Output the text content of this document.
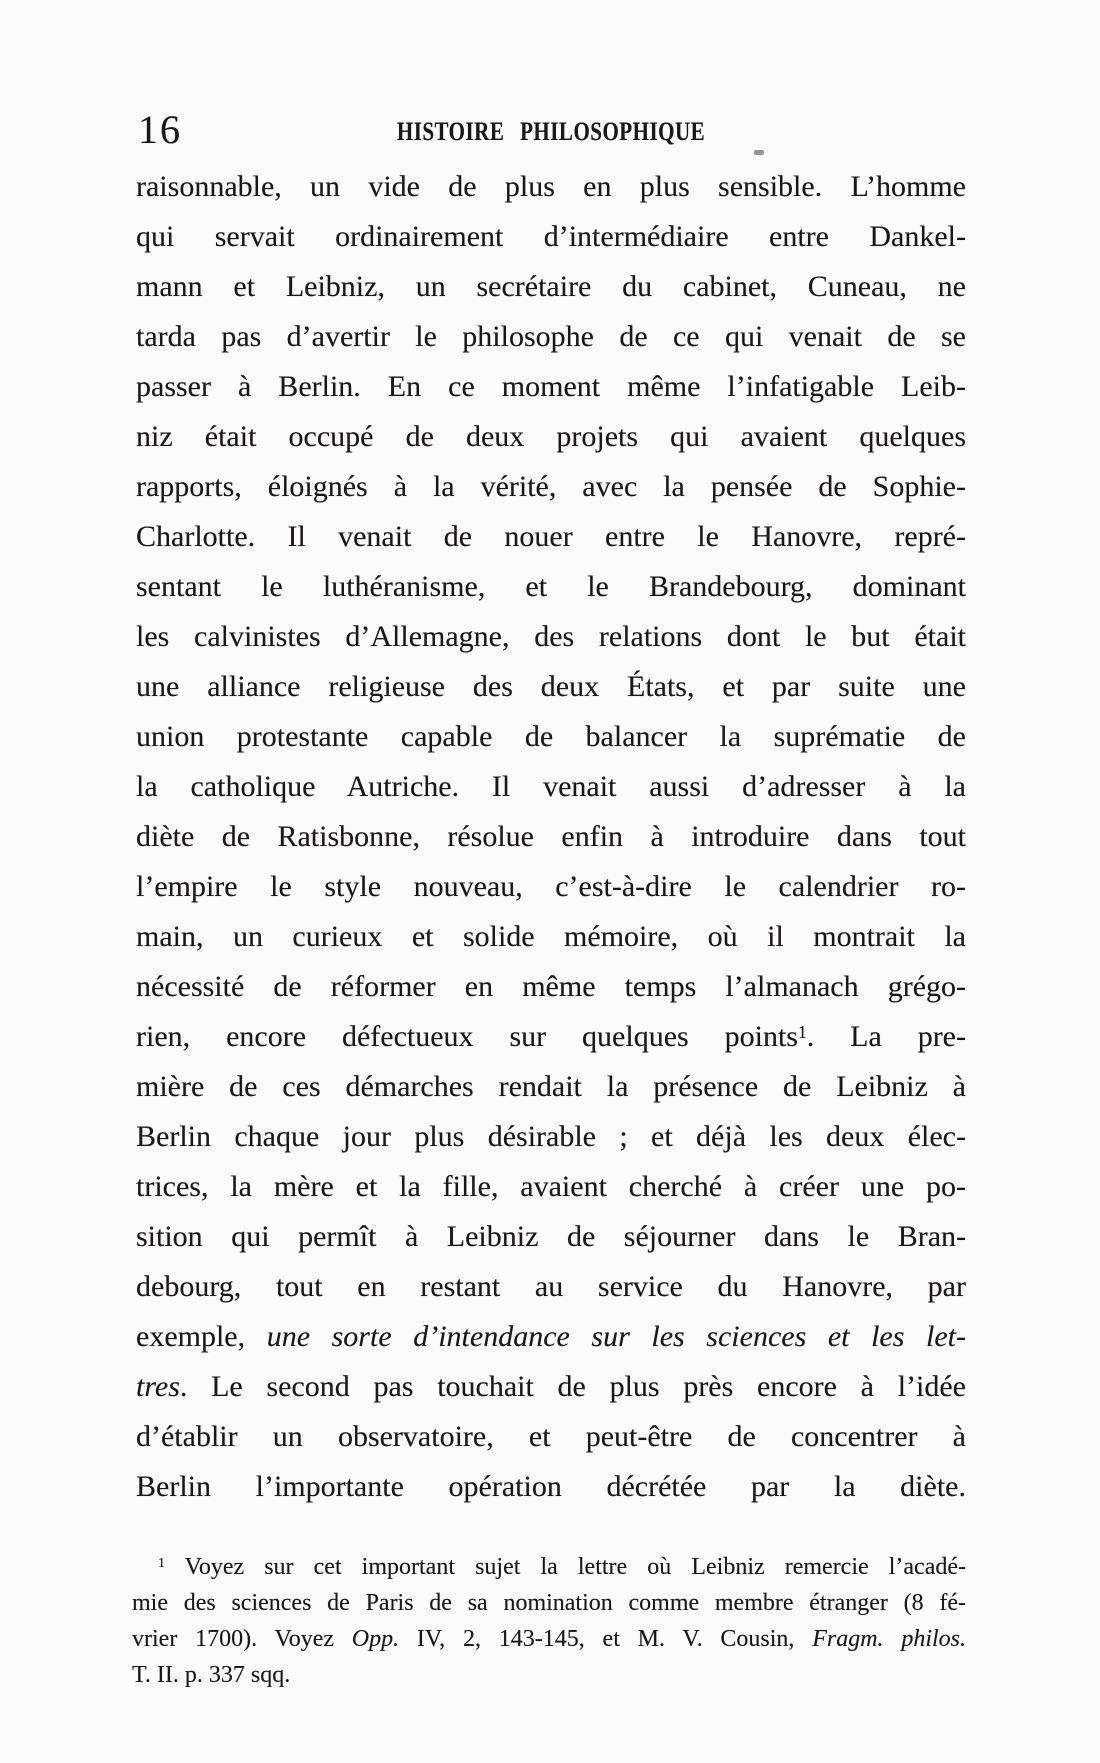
16	HISTOIRE PHILOSOPHIQUE
raisonnable, un vide de plus en plus sensible. L’homme
qui servait ordinairement d’intermédiaire entre Dankel-
mann et Leibniz, un secrétaire du cabinet, Cuneau, ne
tarda pas d’avertir le philosophe de ce qui venait de se
passer à Berlin. En ce moment même l’infatigable Leib-
niz était occupé de deux projets qui avaient quelques
rapports, éloignés à la vérité, avec la pensée de Sophie-
Charlotte. Il venait de nouer entre le Hanovre, repré-
sentant le luthéranisme, et le Brandebourg, dominant
les calvinistes d’Allemagne, des relations dont le but était
une alliance religieuse des deux États, et par suite une
union protestante capable de balancer la suprématie de
la catholique Autriche. Il venait aussi d’adresser à la
diète de Ratisbonne, résolue enfin à introduire dans tout
l’empire le style nouveau, c’est-à-dire le calendrier ro-
main, un curieux et solide mémoire, où il montrait la
nécessité de réformer en même temps l’almanach grégo-
rien, encore défectueux sur quelques points$^1$. La pre-
mière de ces démarches rendait la présence de Leibniz à
Berlin chaque jour plus désirable ; et déjà les deux élec-
trices, la mère et la fille, avaient cherché à créer une po-
sition qui permît à Leibniz de séjourner dans le Bran-
debourg, tout en restant au service du Hanovre, par
exemple, une sorte d’intendance sur les sciences et les let-
tres. Le second pas touchait de plus près encore à l’idée
d’établir un observatoire, et peut-être de concentrer à
Berlin l’importante opération décrétée par la diète.
$^1$ Voyez sur cet important sujet la lettre où Leibniz remercie l’acadé-
mie des sciences de Paris de sa nomination comme membre étranger (8 fé-
vrier 1700). Voyez Opp. IV, 2, 143-145, et M. V. Cousin, Fragm. philos.
T. II. p. 337 sqq.
